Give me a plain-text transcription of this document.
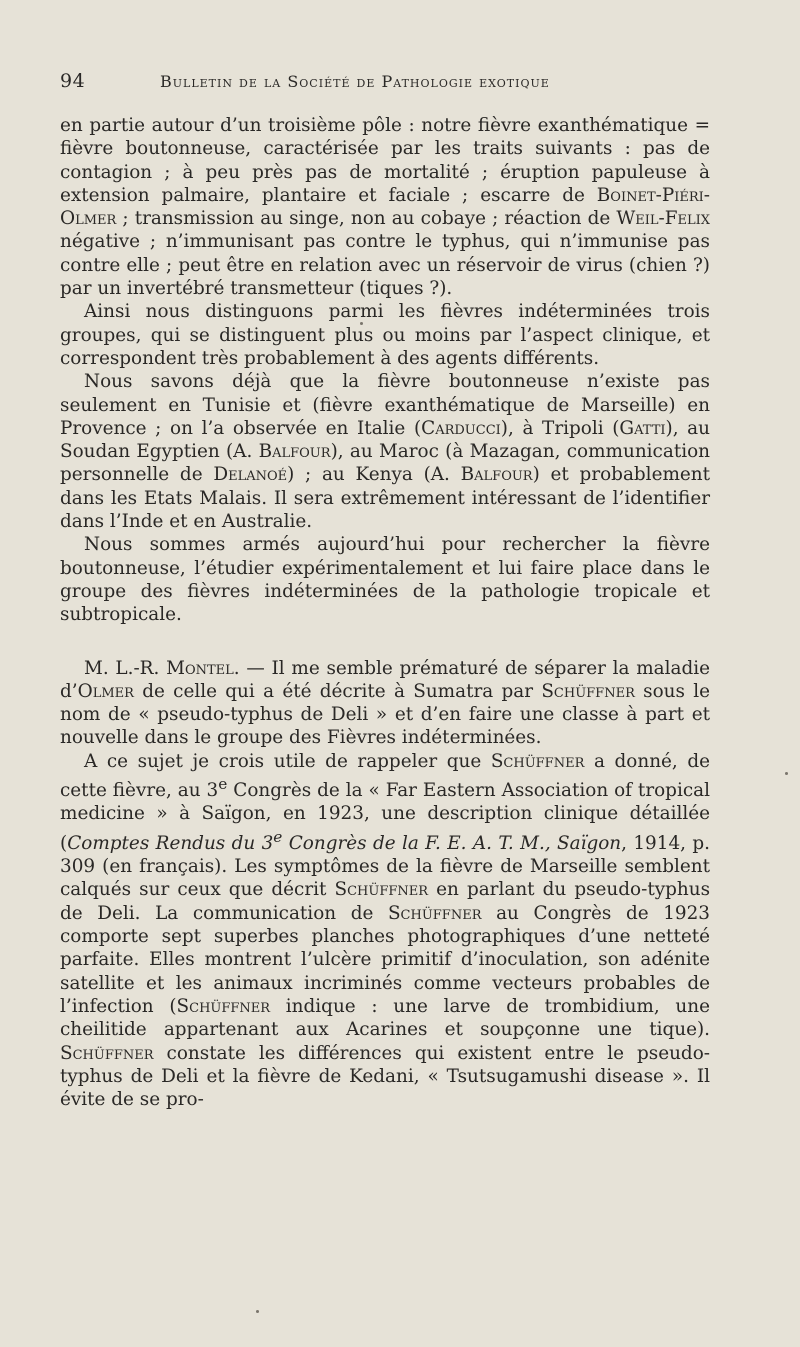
94	Bulletin de la Société de Pathologie exotique

en partie autour d’un troisième pôle : notre fièvre exanthématique = fièvre boutonneuse, caractérisée par les traits suivants : pas de contagion ; à peu près pas de mortalité ; éruption papuleuse à extension palmaire, plantaire et faciale ; escarre de Boinet-Piéri-Olmer ; transmission au singe, non au cobaye ; réaction de Weil-Felix négative ; n’immunisant pas contre le typhus, qui n’immunise pas contre elle ; peut être en relation avec un réservoir de virus (chien ?) par un invertébré transmetteur (tiques ?).

Ainsi nous distinguons parmi les fièvres indéterminées trois groupes, qui se distinguent plus ou moins par l’aspect clinique, et correspondent très probablement à des agents différents.

Nous savons déjà que la fièvre boutonneuse n’existe pas seulement en Tunisie et (fièvre exanthématique de Marseille) en Provence ; on l’a observée en Italie (Carducci), à Tripoli (Gatti), au Soudan Egyptien (A. Balfour), au Maroc (à Mazagan, communication personnelle de Delanoé) ; au Kenya (A. Balfour) et probablement dans les Etats Malais. Il sera extrêmement intéressant de l’identifier dans l’Inde et en Australie.

Nous sommes armés aujourd’hui pour rechercher la fièvre boutonneuse, l’étudier expérimentalement et lui faire place dans le groupe des fièvres indéterminées de la pathologie tropicale et subtropicale.

M. L.-R. Montel. — Il me semble prématuré de séparer la maladie d’Olmer de celle qui a été décrite à Sumatra par Schüffner sous le nom de « pseudo-typhus de Deli » et d’en faire une classe à part et nouvelle dans le groupe des Fièvres indéterminées.

A ce sujet je crois utile de rappeler que Schüffner a donné, de cette fièvre, au 3e Congrès de la « Far Eastern Association of tropical medicine » à Saïgon, en 1923, une description clinique détaillée (Comptes Rendus du 3e Congrès de la F. E. A. T. M., Saïgon, 1914, p. 309 (en français). Les symptômes de la fièvre de Marseille semblent calqués sur ceux que décrit Schüffner en parlant du pseudo-typhus de Deli. La communication de Schüffner au Congrès de 1923 comporte sept superbes planches photographiques d’une netteté parfaite. Elles montrent l’ulcère primitif d’inoculation, son adénite satellite et les animaux incriminés comme vecteurs probables de l’infection (Schüffner indique : une larve de trombidium, une cheilitide appartenant aux Acarines et soupçonne une tique). Schüffner constate les différences qui existent entre le pseudo-typhus de Deli et la fièvre de Kedani, « Tsutsugamushi disease ». Il évite de se pro-
